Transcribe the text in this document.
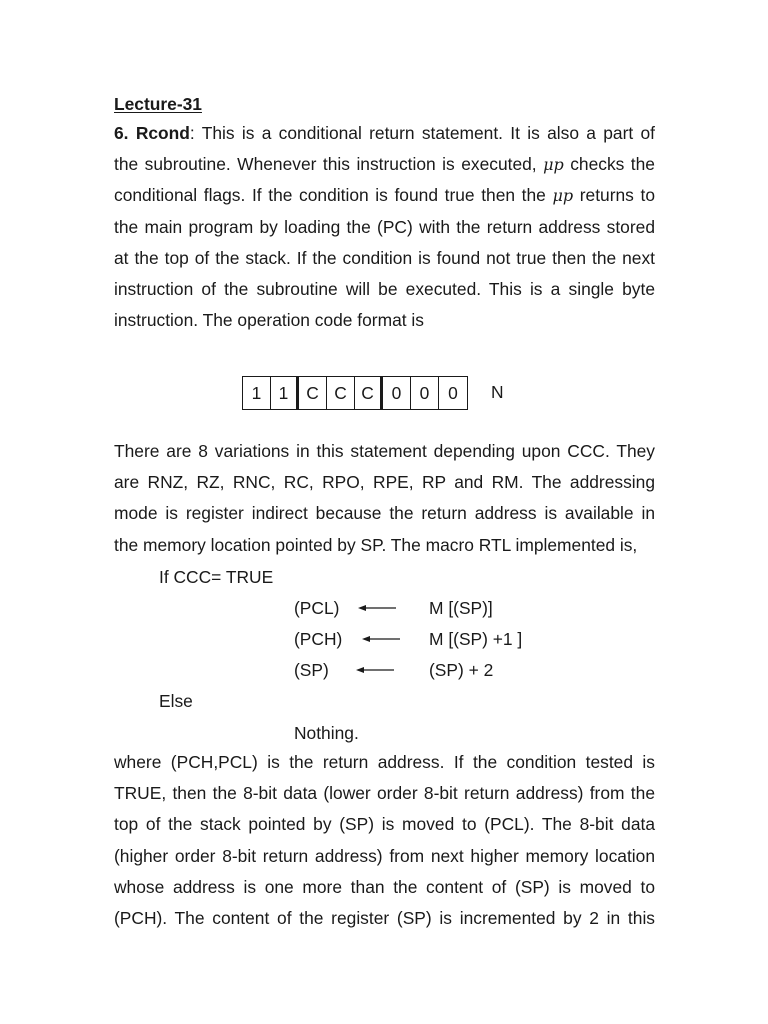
Lecture-31
6. Rcond: This is a conditional return statement. It is also a part of
the subroutine. Whenever this instruction is executed, μp checks the
conditional flags. If the condition is found true then the μp returns to
the main program by loading the (PC) with the return address stored
at the top of the stack. If the condition is found not true then the next
instruction of the subroutine will be executed. This is a single byte
instruction. The operation code format is
1 1	C C C	0	0	0	N
There are 8 variations in this statement depending upon CCC. They
are RNZ, RZ, RNC, RC, RPO, RPE, RP and RM. The addressing
mode is register indirect because the return address is available in
the memory location pointed by SP. The macro RTL implemented is,
If CCC= TRUE
(PCL)	M [(SP)]
(PCH)	M [(SP) +1 ]
(SP)	(SP) + 2
Else
Nothing.
where (PCH,PCL) is the return address. If the condition tested is
TRUE, then the 8-bit data (lower order 8-bit return address) from the
top of the stack pointed by (SP) is moved to (PCL). The 8-bit data
(higher order 8-bit return address) from next higher memory location
whose address is one more than the content of (SP) is moved to
(PCH). The content of the register (SP) is incremented by 2 in this
